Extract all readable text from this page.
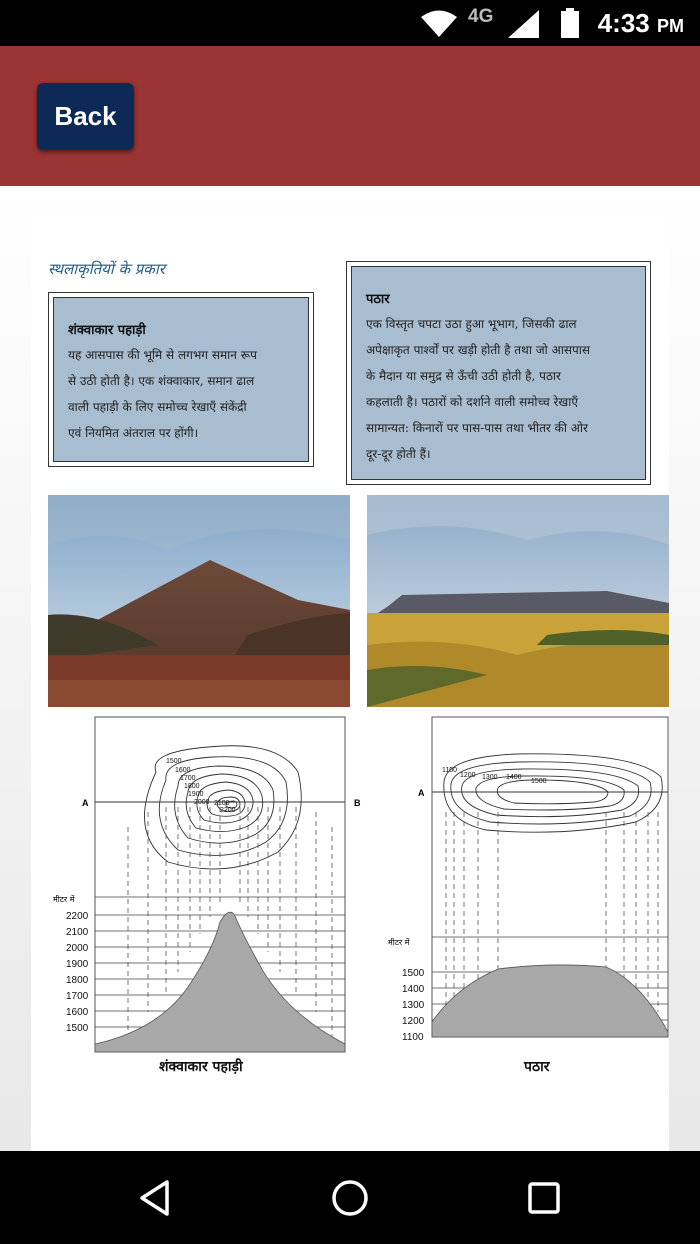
4G	4:33 PM
Back
स्थलाकृतियों के प्रकार
शंक्वाकार पहाड़ी
यह आसपास की भूमि से लगभग समान रूप
से उठी होती है। एक शंक्वाकार, समान ढाल
वाली पहाड़ी के लिए समोच्च रेखाएँ संकेंद्री
एवं नियमित अंतराल पर होंगी।
पठार
एक विस्तृत चपटा उठा हुआ भूभाग, जिसकी ढाल
अपेक्षाकृत पार्श्वों पर खड़ी होती है तथा जो आसपास
के मैदान या समुद्र से ऊँची उठी होती है, पठार
कहलाती है। पठारों को दर्शाने वाली समोच्च रेखाएँ
सामान्यत: किनारों पर पास-पास तथा भीतर की ओर
दूर-दूर होती हैं।
A	B
1500
1600
1700
1800
1900
2000 2100
2200
मीटर में
2200
2100
2000
1900
1800
1700
1600
1500
शंक्वाकार पहाड़ी
A
1100
1200 1300 1400
1500
मीटर में
1500
1400
1300
1200
1100
पठार
